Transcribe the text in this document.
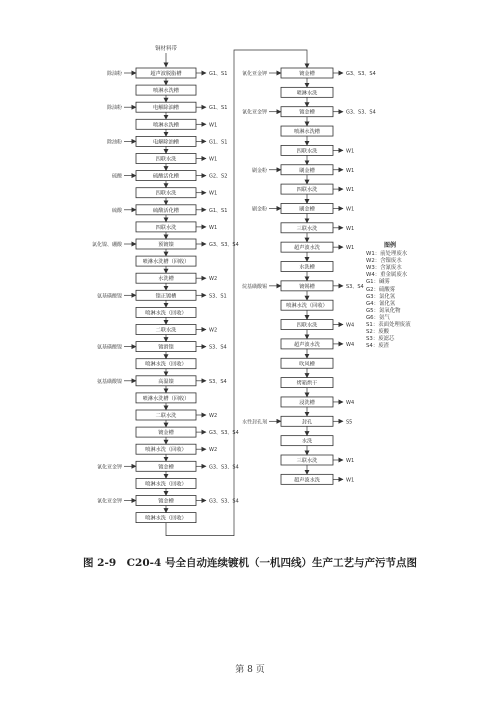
铜材料带
超声波脱脂槽	G1、S1
除油粉
喷淋水洗槽
电解除油槽	G1、S1
除油粉
喷淋水洗槽	W1
电解除油槽	G1、S1
除油粉
四联水洗	W1
硫酸活化槽	G2、S2
硫酸
四联水洗	W1
硫酸活化槽	G1、S1
硫酸
四联水洗	W1
预镀镍	G3、S3、S4
氯化镍、硼酸
喷淋水洗槽（回收）
水洗槽	W2
镍正镀槽	S3、S1
氨基磺酸镍
喷淋水洗（回收）
二联水洗	W2
镀滑镍	S3、S4
氨基磺酸镍
喷淋水洗（回收）
高温镍	S3、S4
氨基磺酸镍
喷淋水洗槽（回收）
二联水洗	W2
镀金槽	G3、S3、S4
喷淋水洗（回收）	W2
镀金槽	G3、S3、S4
氰化亚金钾
喷淋水洗（回收）
镀金槽	G3、S3、S4
氰化亚金钾
喷淋水洗（回收）
镀金槽	G3、S3、S4
氰化亚金钾
喷淋水洗
镀金槽	G3、S3、S4
氰化亚金钾
喷淋水洗槽
四联水洗	W1
刷金槽	W1
刷金粉
四联水洗	W1
刷金槽	W1
刷金粉
三联水洗	W1
超声波水洗	W1
水洗槽
镀锡槽	S3、S4
烷基磺酸锡
喷淋水洗（回收）
四联水洗	W4
超声波水洗	W4
吹风槽
烤箱烘干
浸洗槽	W4
封孔	S5
水性封孔剂
水洗
三联水洗	W1
超声波水洗	W1
图例
W1：前处理废水
W2：含镍废水
W3：含氰废水
W4：重金属废水
G1：碱雾
G2：硫酸雾
G3：氯化氢
G4：氰化氢
G5：氮氧化物
G6：氨气
S1：表面处理废液
S2：废酸
S3：废滤芯
S4：废渣
图 2-9　C20-4 号全自动连续镀机（一机四线）生产工艺与产污节点图
第 8 页
